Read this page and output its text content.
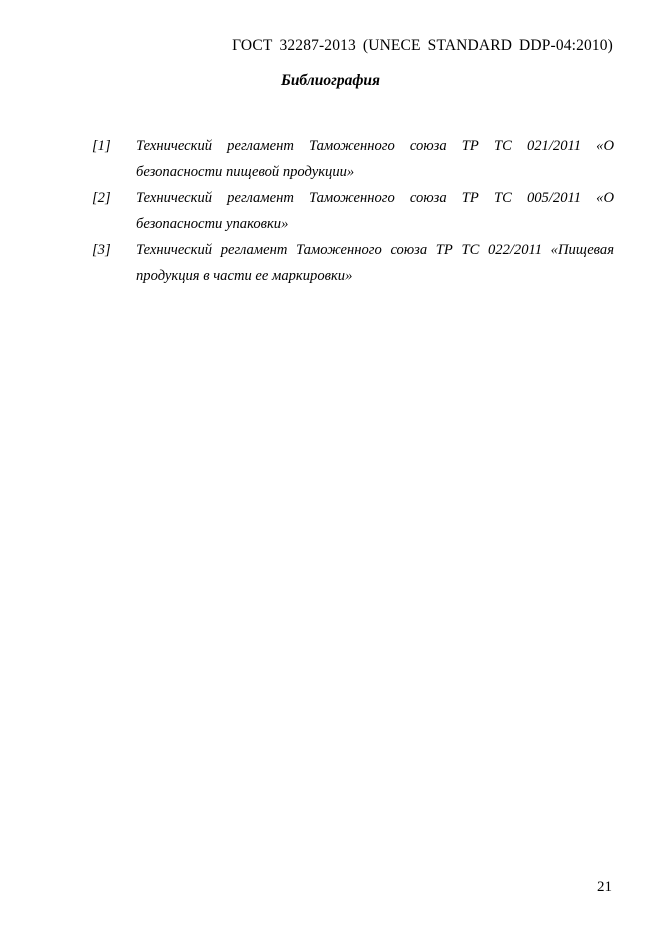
ГОСТ 32287-2013 (UNECE STANDARD DDP-04:2010)
Библиография
[1] Технический регламент Таможенного союза ТР ТС 021/2011 «О безопасности пищевой продукции»
[2] Технический регламент Таможенного союза ТР ТС 005/2011 «О безопасности упаковки»
[3] Технический регламент Таможенного союза ТР ТС 022/2011 «Пищевая продукция в части ее маркировки»
21
